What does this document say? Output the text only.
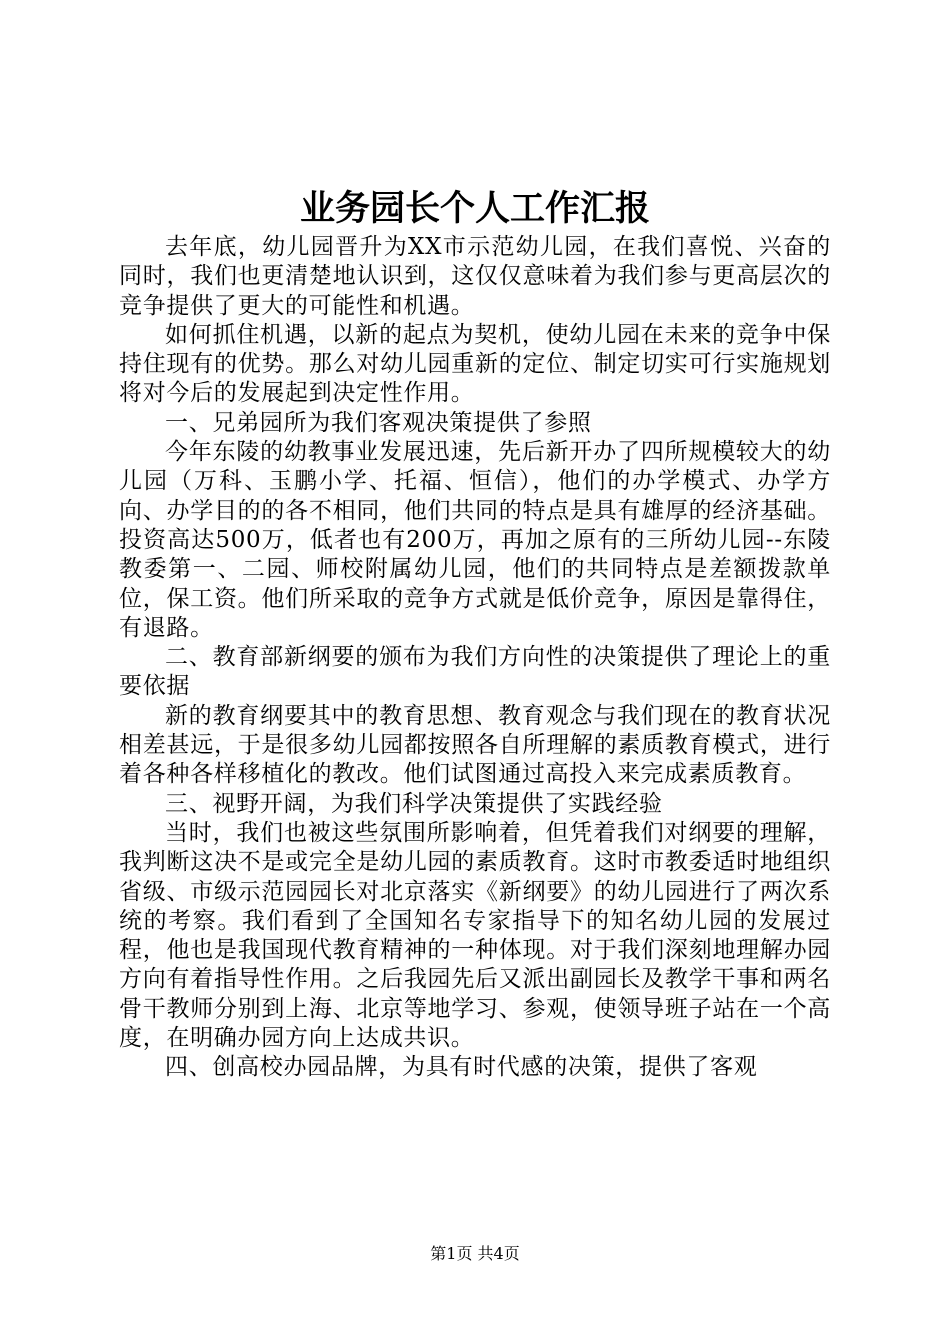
业务园长个人工作汇报

去年底，幼儿园晋升为XX市示范幼儿园，在我们喜悦、兴奋的同时，我们也更清楚地认识到，这仅仅意味着为我们参与更高层次的竞争提供了更大的可能性和机遇。

如何抓住机遇，以新的起点为契机，使幼儿园在未来的竞争中保持住现有的优势。那么对幼儿园重新的定位、制定切实可行实施规划将对今后的发展起到决定性作用。

一、兄弟园所为我们客观决策提供了参照

今年东陵的幼教事业发展迅速，先后新开办了四所规模较大的幼儿园（万科、玉鹏小学、托福、恒信），他们的办学模式、办学方向、办学目的的各不相同，他们共同的特点是具有雄厚的经济基础。投资高达500万，低者也有200万，再加之原有的三所幼儿园--东陵教委第一、二园、师校附属幼儿园，他们的共同特点是差额拨款单位，保工资。他们所采取的竞争方式就是低价竞争，原因是靠得住，有退路。

二、教育部新纲要的颁布为我们方向性的决策提供了理论上的重要依据

新的教育纲要其中的教育思想、教育观念与我们现在的教育状况相差甚远，于是很多幼儿园都按照各自所理解的素质教育模式，进行着各种各样移植化的教改。他们试图通过高投入来完成素质教育。

三、视野开阔，为我们科学决策提供了实践经验

当时，我们也被这些氛围所影响着，但凭着我们对纲要的理解，我判断这决不是或完全是幼儿园的素质教育。这时市教委适时地组织省级、市级示范园园长对北京落实《新纲要》的幼儿园进行了两次系统的考察。我们看到了全国知名专家指导下的知名幼儿园的发展过程，他也是我国现代教育精神的一种体现。对于我们深刻地理解办园方向有着指导性作用。之后我园先后又派出副园长及教学干事和两名骨干教师分别到上海、北京等地学习、参观，使领导班子站在一个高度，在明确办园方向上达成共识。

四、创高校办园品牌，为具有时代感的决策，提供了客观

第1页 共4页
